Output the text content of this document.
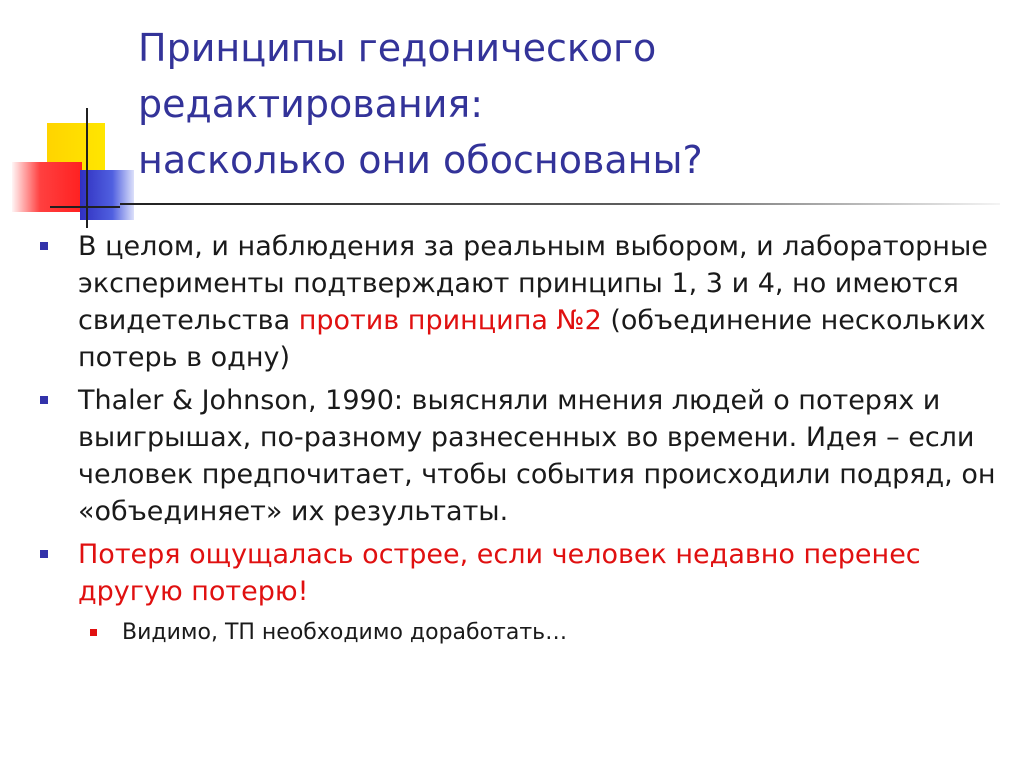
Принципы гедонического
редактирования:
насколько они обоснованы?
В целом, и наблюдения за реальным выбором, и лабораторные эксперименты подтверждают принципы 1, 3 и 4, но имеются свидетельства против принципа №2 (объединение нескольких потерь в одну)
Thaler & Johnson, 1990: выясняли мнения людей о потерях и выигрышах, по-разному разнесенных во времени. Идея – если человек предпочитает, чтобы события происходили подряд, он «объединяет» их результаты.
Потеря ощущалась острее, если человек недавно перенес другую потерю!
Видимо, ТП необходимо доработать…
